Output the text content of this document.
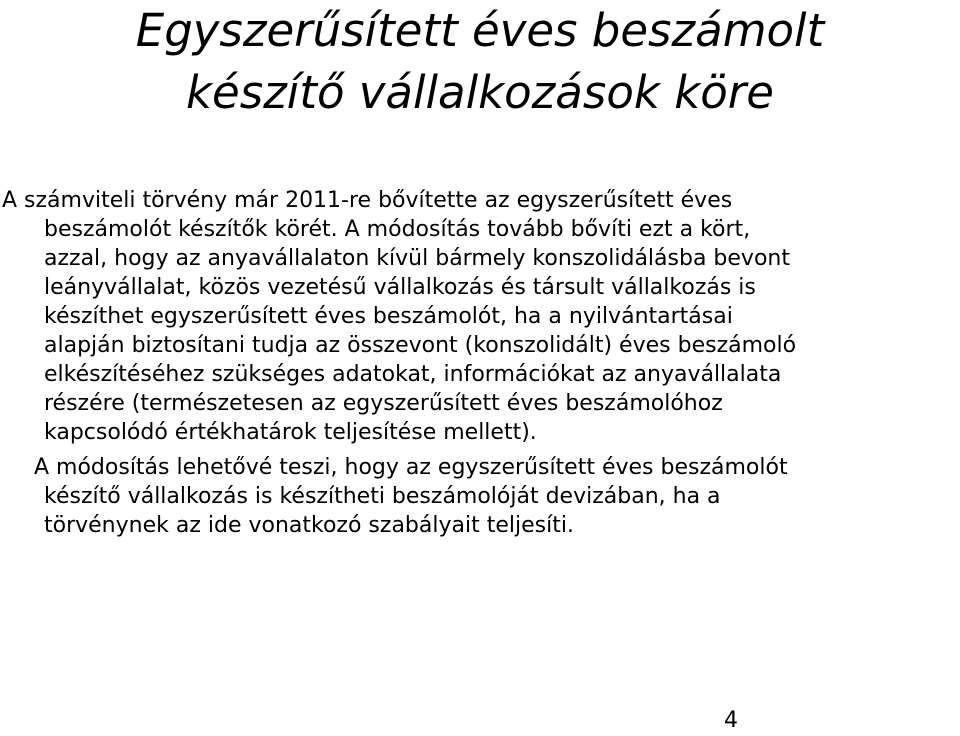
Egyszerűsített éves beszámolt
készítő vállalkozások köre
A számviteli törvény már 2011-re bővítette az egyszerűsített éves
beszámolót készítők körét. A módosítás tovább bővíti ezt a kört,
azzal, hogy az anyavállalaton kívül bármely konszolidálásba bevont
leányvállalat, közös vezetésű vállalkozás és társult vállalkozás is
készíthet egyszerűsített éves beszámolót, ha a nyilvántartásai
alapján biztosítani tudja az összevont (konszolidált) éves beszámoló
elkészítéséhez szükséges adatokat, információkat az anyavállalata
részére (természetesen az egyszerűsített éves beszámolóhoz
kapcsolódó értékhatárok teljesítése mellett).
A módosítás lehetővé teszi, hogy az egyszerűsített éves beszámolót
készítő vállalkozás is készítheti beszámolóját devizában, ha a
törvénynek az ide vonatkozó szabályait teljesíti.
4
